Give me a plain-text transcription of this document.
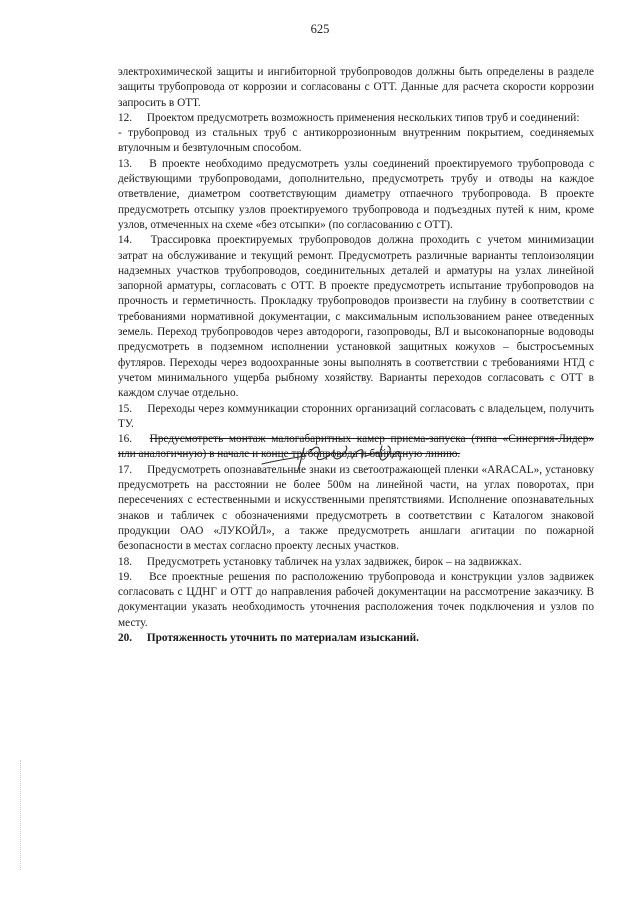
625

электрохимической защиты и ингибиторной трубопроводов должны быть определены в разделе защиты трубопровода от коррозии и согласованы с ОТТ. Данные для расчета скорости коррозии запросить в ОТТ.

12. Проектом предусмотреть возможность применения нескольких типов труб и соединений:

- трубопровод из стальных труб с антикоррозионным внутренним покрытием, соединяемых втулочным и безвтулочным способом.

13. В проекте необходимо предусмотреть узлы соединений проектируемого трубопровода с действующими трубопроводами, дополнительно, предусмотреть трубу и отводы на каждое ответвление, диаметром соответствующим диаметру отпаечного трубопровода. В проекте предусмотреть отсыпку узлов проектируемого трубопровода и подъездных путей к ним, кроме узлов, отмеченных на схеме «без отсыпки» (по согласованию с ОТТ).

14. Трассировка проектируемых трубопроводов должна проходить с учетом минимизации затрат на обслуживание и текущий ремонт. Предусмотреть различные варианты теплоизоляции надземных участков трубопроводов, соединительных деталей и арматуры на узлах линейной запорной арматуры, согласовать с ОТТ. В проекте предусмотреть испытание трубопроводов на прочность и герметичность. Прокладку трубопроводов произвести на глубину в соответствии с требованиями нормативной документации, с максимальным использованием ранее отведенных земель. Переход трубопроводов через автодороги, газопроводы, ВЛ и высоконапорные водоводы предусмотреть в подземном исполнении установкой защитных кожухов – быстросъемных футляров. Переходы через водоохранные зоны выполнять в соответствии с требованиями НТД с учетом минимального ущерба рыбному хозяйству. Варианты переходов согласовать с ОТТ в каждом случае отдельно.

15. Переходы через коммуникации сторонних организаций согласовать с владельцем, получить ТУ.

16. Предусмотреть монтаж малогабаритных камер приема-запуска (типа «Синергия-Лидер» или аналогичную) в начале и конце трубопровода и байпасную линию.

17. Предусмотреть опознавательные знаки из светоотражающей пленки «ARACAL», установку предусмотреть на расстоянии не более 500м на линейной части, на углах поворотах, при пересечениях с естественными и искусственными препятствиями. Исполнение опознавательных знаков и табличек с обозначениями предусмотреть в соответствии с Каталогом знаковой продукции ОАО «ЛУКОЙЛ», а также предусмотреть аншлаги агитации по пожарной безопасности в местах согласно проекту лесных участков.

18. Предусмотреть установку табличек на узлах задвижек, бирок – на задвижках.

19. Все проектные решения по расположению трубопровода и конструкции узлов задвижек согласовать с ЦДНГ и ОТТ до направления рабочей документации на рассмотрение заказчику. В документации указать необходимость уточнения расположения точек подключения и узлов по месту.

20. Протяженность уточнить по материалам изысканий.
